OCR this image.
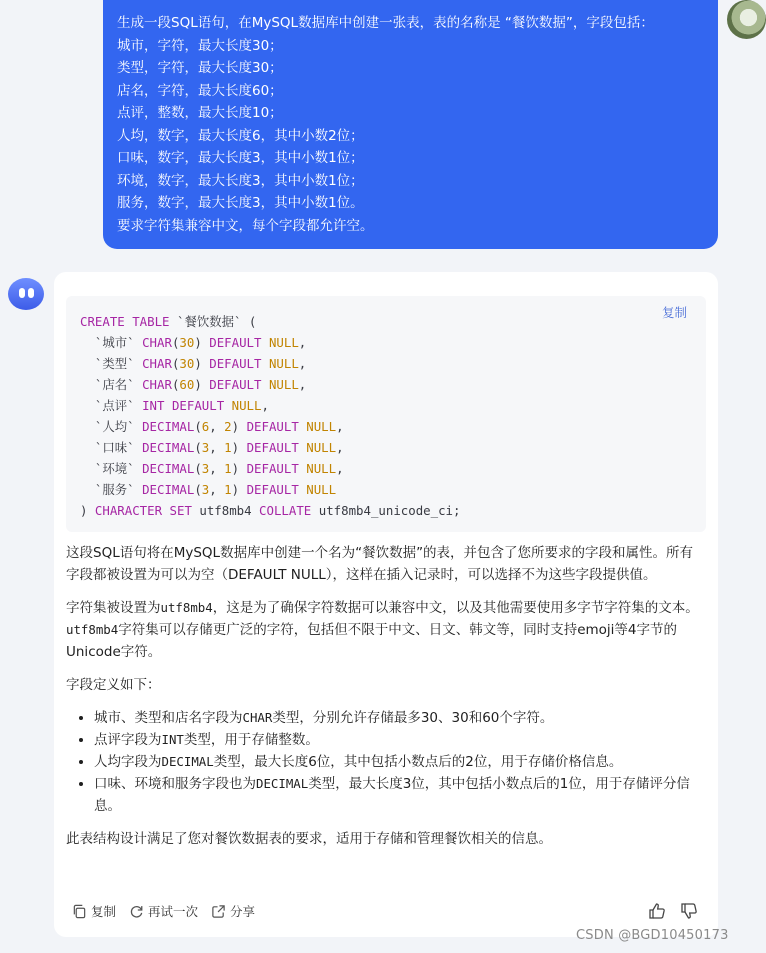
生成一段SQL语句，在MySQL数据库中创建一张表，表的名称是 “餐饮数据”，字段包括：
城市，字符，最大长度30；
类型，字符，最大长度30；
店名，字符，最大长度60；
点评，整数，最大长度10；
人均，数字，最大长度6，其中小数2位；
口味，数字，最大长度3，其中小数1位；
环境，数字，最大长度3，其中小数1位；
服务，数字，最大长度3，其中小数1位。
要求字符集兼容中文，每个字段都允许空。
复制
CREATE TABLE `餐饮数据` (
`城市` CHAR(30) DEFAULT NULL,
`类型` CHAR(30) DEFAULT NULL,
`店名` CHAR(60) DEFAULT NULL,
`点评` INT DEFAULT NULL,
`人均` DECIMAL(6, 2) DEFAULT NULL,
`口味` DECIMAL(3, 1) DEFAULT NULL,
`环境` DECIMAL(3, 1) DEFAULT NULL,
`服务` DECIMAL(3, 1) DEFAULT NULL
) CHARACTER SET utf8mb4 COLLATE utf8mb4_unicode_ci;

这段SQL语句将在MySQL数据库中创建一个名为“餐饮数据”的表，并包含了您所要求的字段和属性。所有字段都被设置为可以为空（DEFAULT NULL），这样在插入记录时，可以选择不为这些字段提供值。

字符集被设置为utf8mb4，这是为了确保字符数据可以兼容中文，以及其他需要使用多字节字符集的文本。utf8mb4字符集可以存储更广泛的字符，包括但不限于中文、日文、韩文等，同时支持emoji等4字节的Unicode字符。

字段定义如下：

• 城市、类型和店名字段为CHAR类型，分别允许存储最多30、30和60个字符。
• 点评字段为INT类型，用于存储整数。
• 人均字段为DECIMAL类型，最大长度6位，其中包括小数点后的2位，用于存储价格信息。
• 口味、环境和服务字段也为DECIMAL类型，最大长度3位，其中包括小数点后的1位，用于存储评分信息。

此表结构设计满足了您对餐饮数据表的要求，适用于存储和管理餐饮相关的信息。

复制	再试一次	分享
CSDN @BGD10450173
